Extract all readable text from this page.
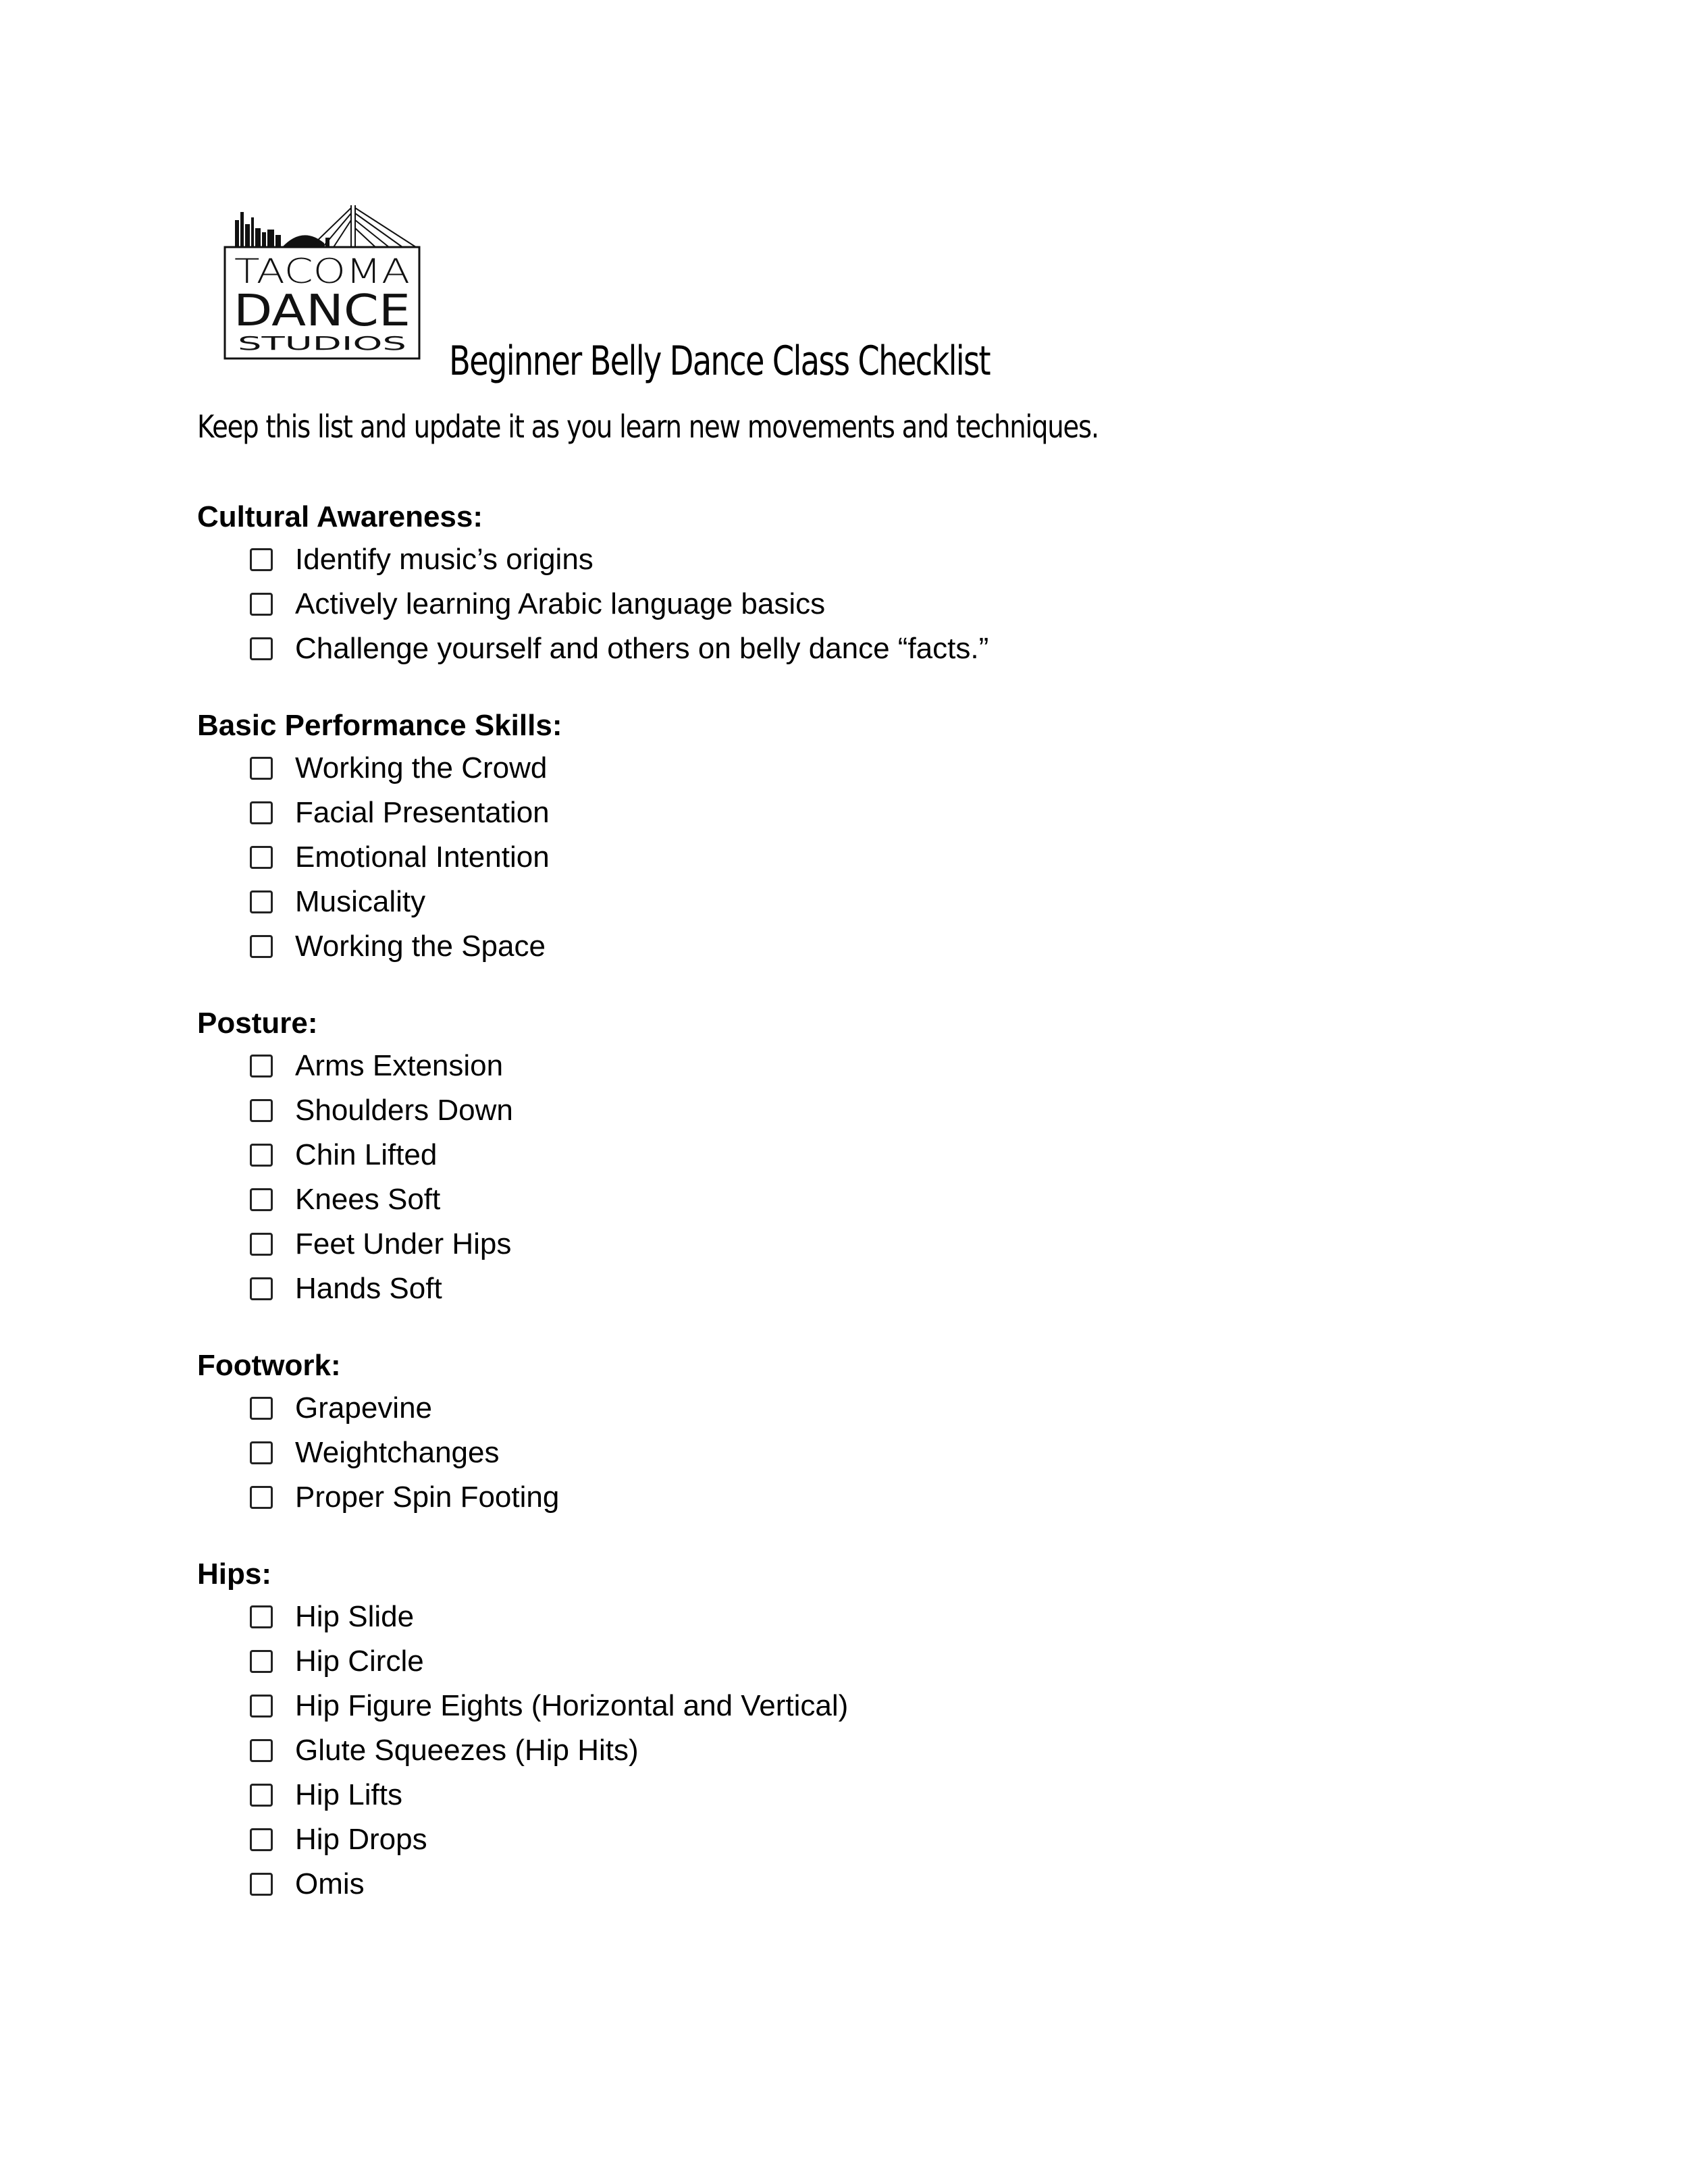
TACOMA
DANCE
STUDIOS Beginner Belly Dance Class Checklist
Keep this list and update it as you learn new movements and techniques.
Cultural Awareness:
Identify music’s origins
Actively learning Arabic language basics
Challenge yourself and others on belly dance “facts.”
Basic Performance Skills:
Working the Crowd
Facial Presentation
Emotional Intention
Musicality
Working the Space
Posture:
Arms Extension
Shoulders Down
Chin Lifted
Knees Soft
Feet Under Hips
Hands Soft
Footwork:
Grapevine
Weightchanges
Proper Spin Footing
Hips:
Hip Slide
Hip Circle
Hip Figure Eights (Horizontal and Vertical)
Glute Squeezes (Hip Hits)
Hip Lifts
Hip Drops
Omis
